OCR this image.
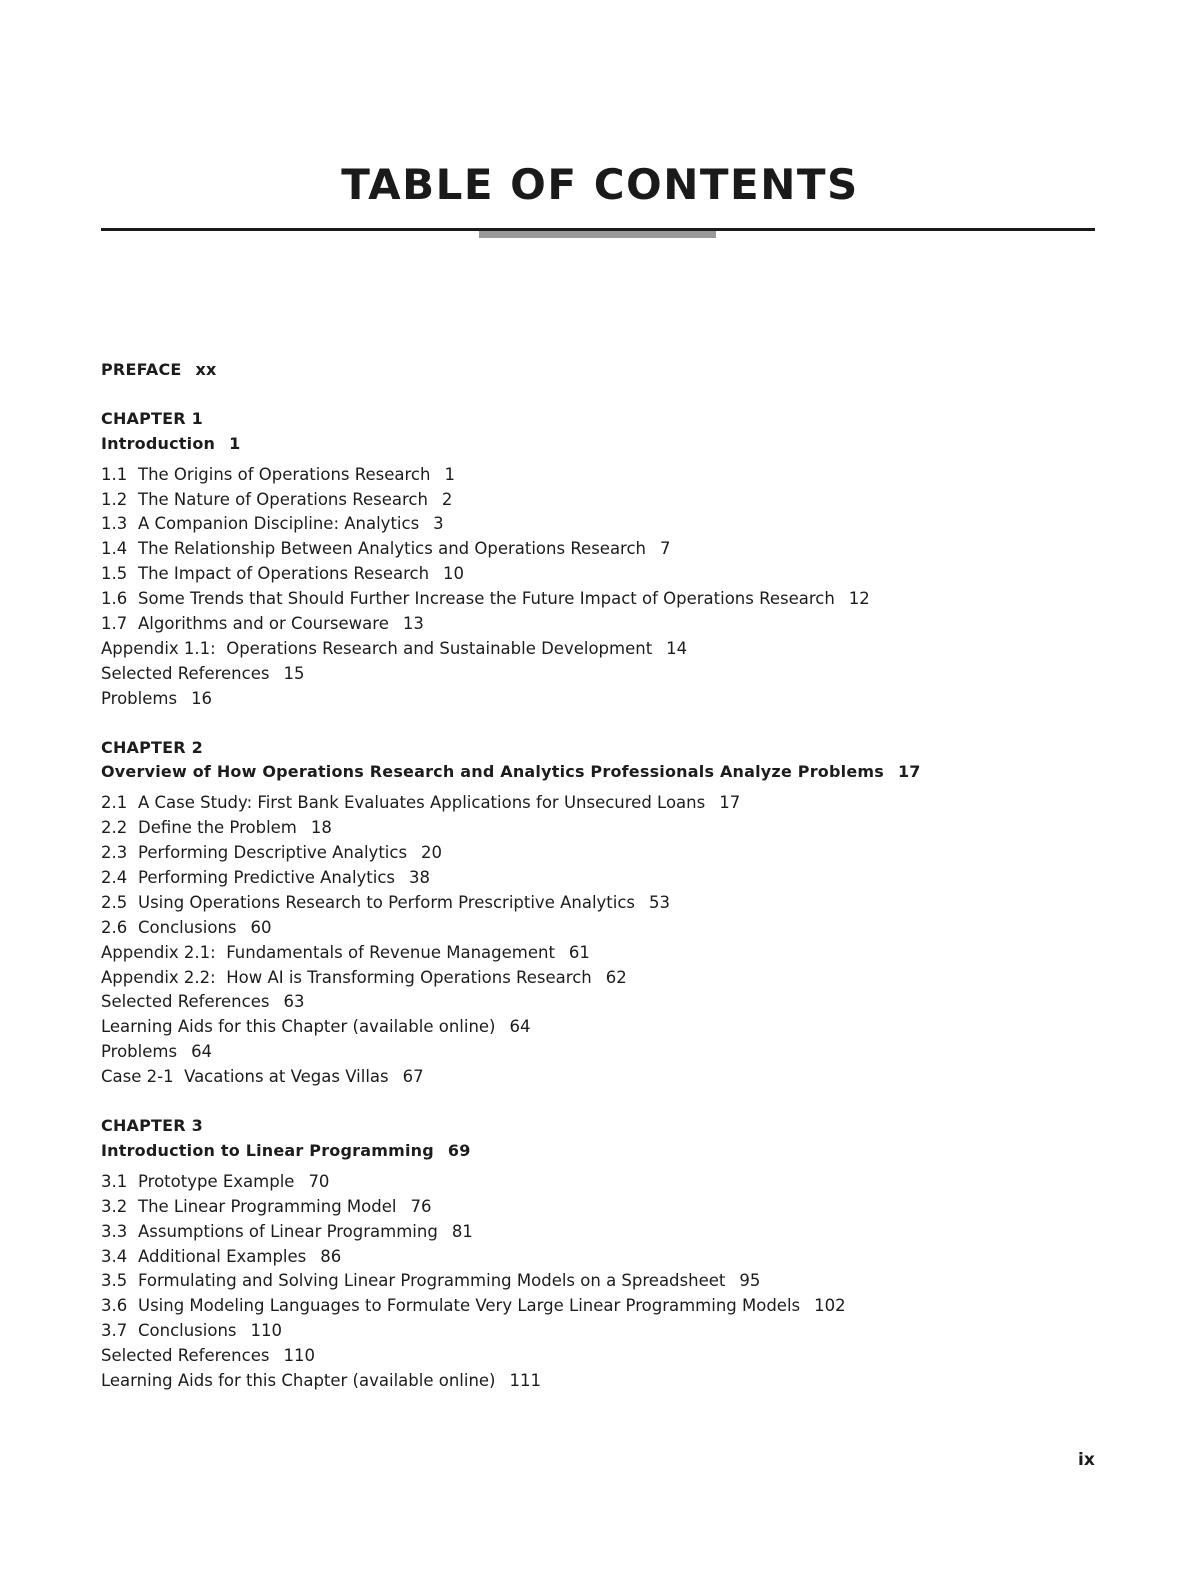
TABLE OF CONTENTS
PREFACE xx
CHAPTER 1
Introduction 1
1.1 The Origins of Operations Research 1
1.2 The Nature of Operations Research 2
1.3 A Companion Discipline: Analytics 3
1.4 The Relationship Between Analytics and Operations Research 7
1.5 The Impact of Operations Research 10
1.6 Some Trends that Should Further Increase the Future Impact of Operations Research 12
1.7 Algorithms and or Courseware 13
Appendix 1.1:  Operations Research and Sustainable Development 14
Selected References 15
Problems 16
CHAPTER 2
Overview of How Operations Research and Analytics Professionals Analyze Problems 17
2.1 A Case Study: First Bank Evaluates Applications for Unsecured Loans 17
2.2 Define the Problem 18
2.3 Performing Descriptive Analytics 20
2.4 Performing Predictive Analytics 38
2.5 Using Operations Research to Perform Prescriptive Analytics 53
2.6 Conclusions 60
Appendix 2.1:  Fundamentals of Revenue Management 61
Appendix 2.2:  How AI is Transforming Operations Research 62
Selected References 63
Learning Aids for this Chapter (available online) 64
Problems 64
Case 2-1  Vacations at Vegas Villas 67
CHAPTER 3
Introduction to Linear Programming 69
3.1 Prototype Example 70
3.2 The Linear Programming Model 76
3.3 Assumptions of Linear Programming 81
3.4 Additional Examples 86
3.5 Formulating and Solving Linear Programming Models on a Spreadsheet 95
3.6 Using Modeling Languages to Formulate Very Large Linear Programming Models 102
3.7 Conclusions 110
Selected References 110
Learning Aids for this Chapter (available online) 111
ix
